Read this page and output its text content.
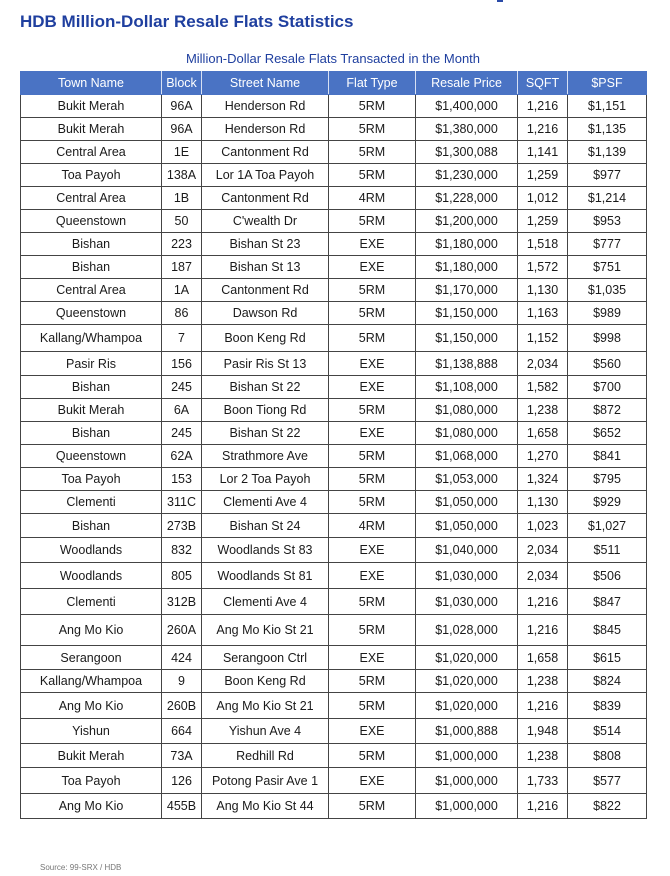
HDB Million-Dollar Resale Flats Statistics
Million-Dollar Resale Flats Transacted in the Month
Town Name	Block	Street Name	Flat Type	Resale Price	SQFT	$PSF
Bukit Merah	96A	Henderson Rd	5RM	$1,400,000	1,216	$1,151
Bukit Merah	96A	Henderson Rd	5RM	$1,380,000	1,216	$1,135
Central Area	1E	Cantonment Rd	5RM	$1,300,088	1,141	$1,139
Toa Payoh	138A	Lor 1A Toa Payoh	5RM	$1,230,000	1,259	$977
Central Area	1B	Cantonment Rd	4RM	$1,228,000	1,012	$1,214
Queenstown	50	C'wealth Dr	5RM	$1,200,000	1,259	$953
Bishan	223	Bishan St 23	EXE	$1,180,000	1,518	$777
Bishan	187	Bishan St 13	EXE	$1,180,000	1,572	$751
Central Area	1A	Cantonment Rd	5RM	$1,170,000	1,130	$1,035
Queenstown	86	Dawson Rd	5RM	$1,150,000	1,163	$989
Kallang/Whampoa	7	Boon Keng Rd	5RM	$1,150,000	1,152	$998
Pasir Ris	156	Pasir Ris St 13	EXE	$1,138,888	2,034	$560
Bishan	245	Bishan St 22	EXE	$1,108,000	1,582	$700
Bukit Merah	6A	Boon Tiong Rd	5RM	$1,080,000	1,238	$872
Bishan	245	Bishan St 22	EXE	$1,080,000	1,658	$652
Queenstown	62A	Strathmore Ave	5RM	$1,068,000	1,270	$841
Toa Payoh	153	Lor 2 Toa Payoh	5RM	$1,053,000	1,324	$795
Clementi	311C	Clementi Ave 4	5RM	$1,050,000	1,130	$929
Bishan	273B	Bishan St 24	4RM	$1,050,000	1,023	$1,027
Woodlands	832	Woodlands St 83	EXE	$1,040,000	2,034	$511
Woodlands	805	Woodlands St 81	EXE	$1,030,000	2,034	$506
Clementi	312B	Clementi Ave 4	5RM	$1,030,000	1,216	$847
Ang Mo Kio	260A	Ang Mo Kio St 21	5RM	$1,028,000	1,216	$845
Serangoon	424	Serangoon Ctrl	EXE	$1,020,000	1,658	$615
Kallang/Whampoa	9	Boon Keng Rd	5RM	$1,020,000	1,238	$824
Ang Mo Kio	260B	Ang Mo Kio St 21	5RM	$1,020,000	1,216	$839
Yishun	664	Yishun Ave 4	EXE	$1,000,888	1,948	$514
Bukit Merah	73A	Redhill Rd	5RM	$1,000,000	1,238	$808
Toa Payoh	126	Potong Pasir Ave 1	EXE	$1,000,000	1,733	$577
Ang Mo Kio	455B	Ang Mo Kio St 44	5RM	$1,000,000	1,216	$822
Source: 99-SRX / HDB
